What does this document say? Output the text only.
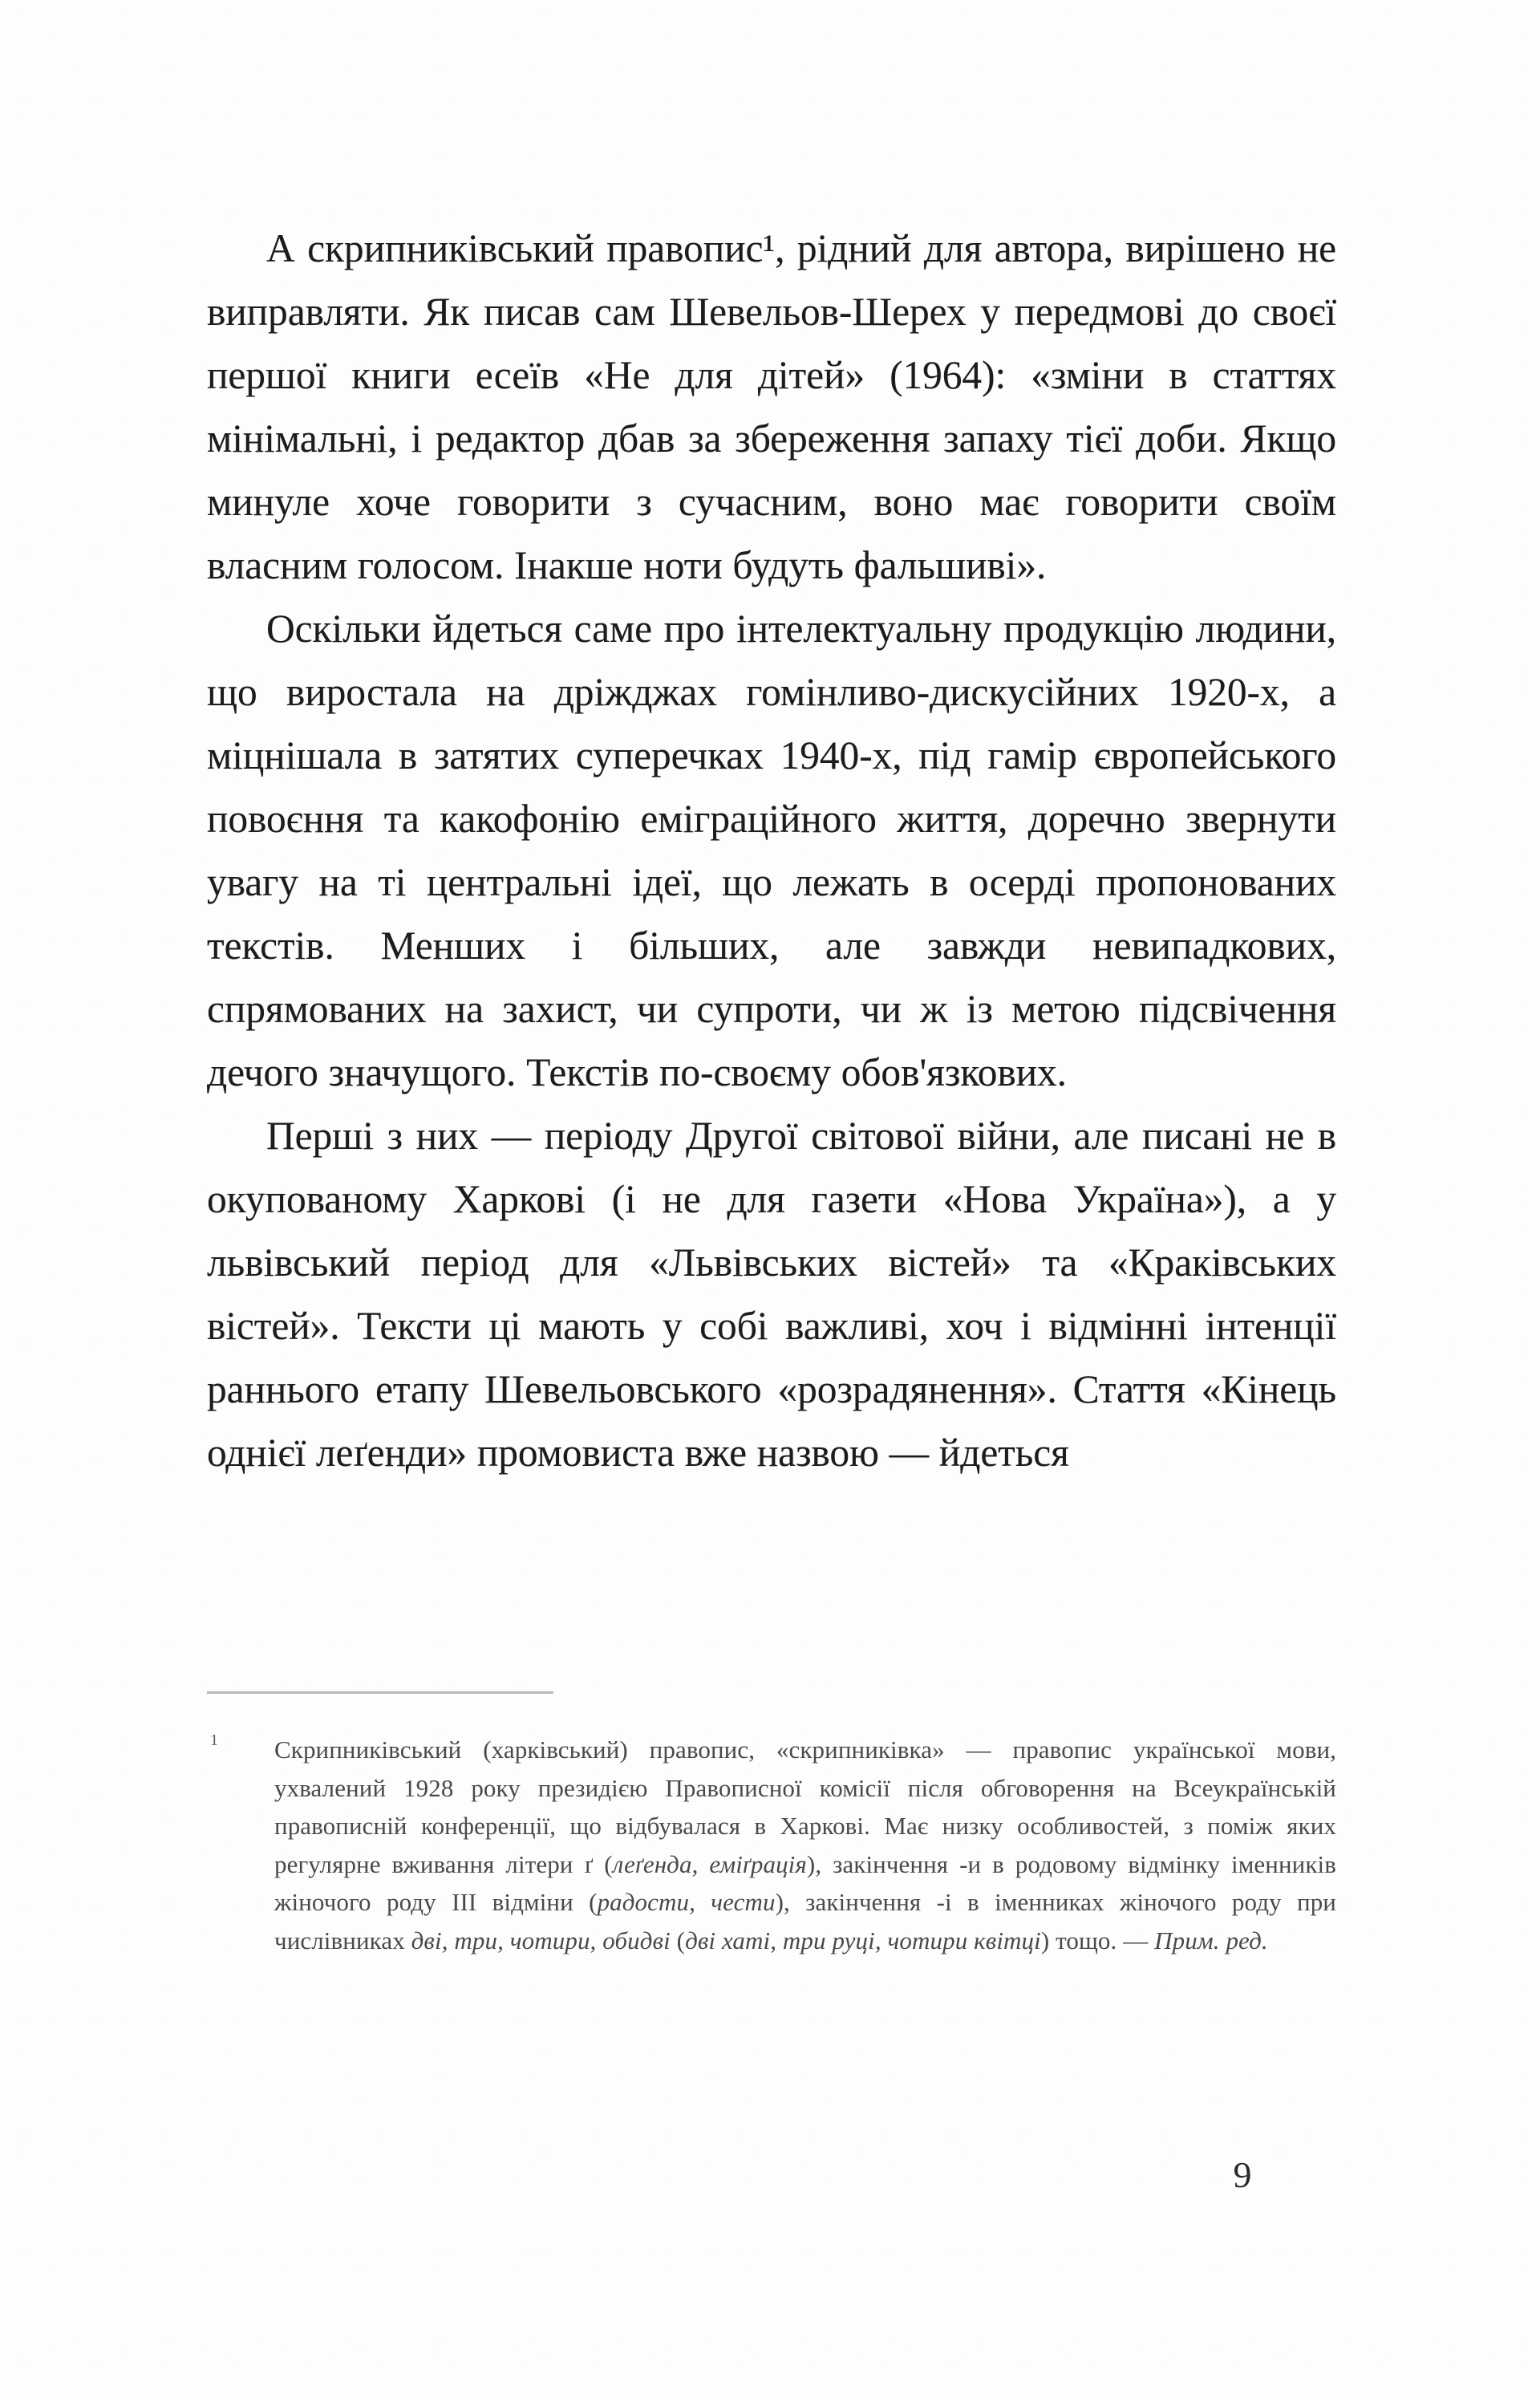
А скрипниківський правопис¹, рідний для автора, вирішено не виправляти. Як писав сам Шевельов-Шерех у передмові до своєї першої книги есеїв «Не для дітей» (1964): «зміни в статтях мінімальні, і редактор дбав за збереження запаху тієї доби. Якщо минуле хоче говорити з сучасним, воно має говорити своїм власним голосом. Інакше ноти будуть фальшиві».

Оскільки йдеться саме про інтелектуальну продукцію людини, що виростала на дріжджах гомінливо-дискусійних 1920-х, а міцнішала в затятих суперечках 1940-х, під гамір європейського повоєння та какофонію еміграційного життя, доречно звернути увагу на ті центральні ідеї, що лежать в осерді пропонованих текстів. Менших і більших, але завжди невипадкових, спрямованих на захист, чи супроти, чи ж із метою підсвічення дечого значущого. Текстів по-своєму обов'язкових.

Перші з них — періоду Другої світової війни, але писані не в окупованому Харкові (і не для газети «Нова Україна»), а у львівський період для «Львівських вістей» та «Краківських вістей». Тексти ці мають у собі важливі, хоч і відмінні інтенції раннього етапу Шевельовського «розрадянення». Стаття «Кінець однієї леґенди» промовиста вже назвою — йдеться

1 Скрипниківський (харківський) правопис, «скрипниківка» — правопис української мови, ухвалений 1928 року президією Правописної комісії після обговорення на Всеукраїнській правописній конференції, що відбувалася в Харкові. Має низку особливостей, з поміж яких регулярне вживання літери ґ (леґенда, еміґрація), закінчення -и в родовому відмінку іменників жіночого роду ІІІ відміни (радости, чести), закінчення -і в іменниках жіночого роду при числівниках дві, три, чотири, обидві (дві хаті, три руці, чотири квітці) тощо. — Прим. ред.

9
